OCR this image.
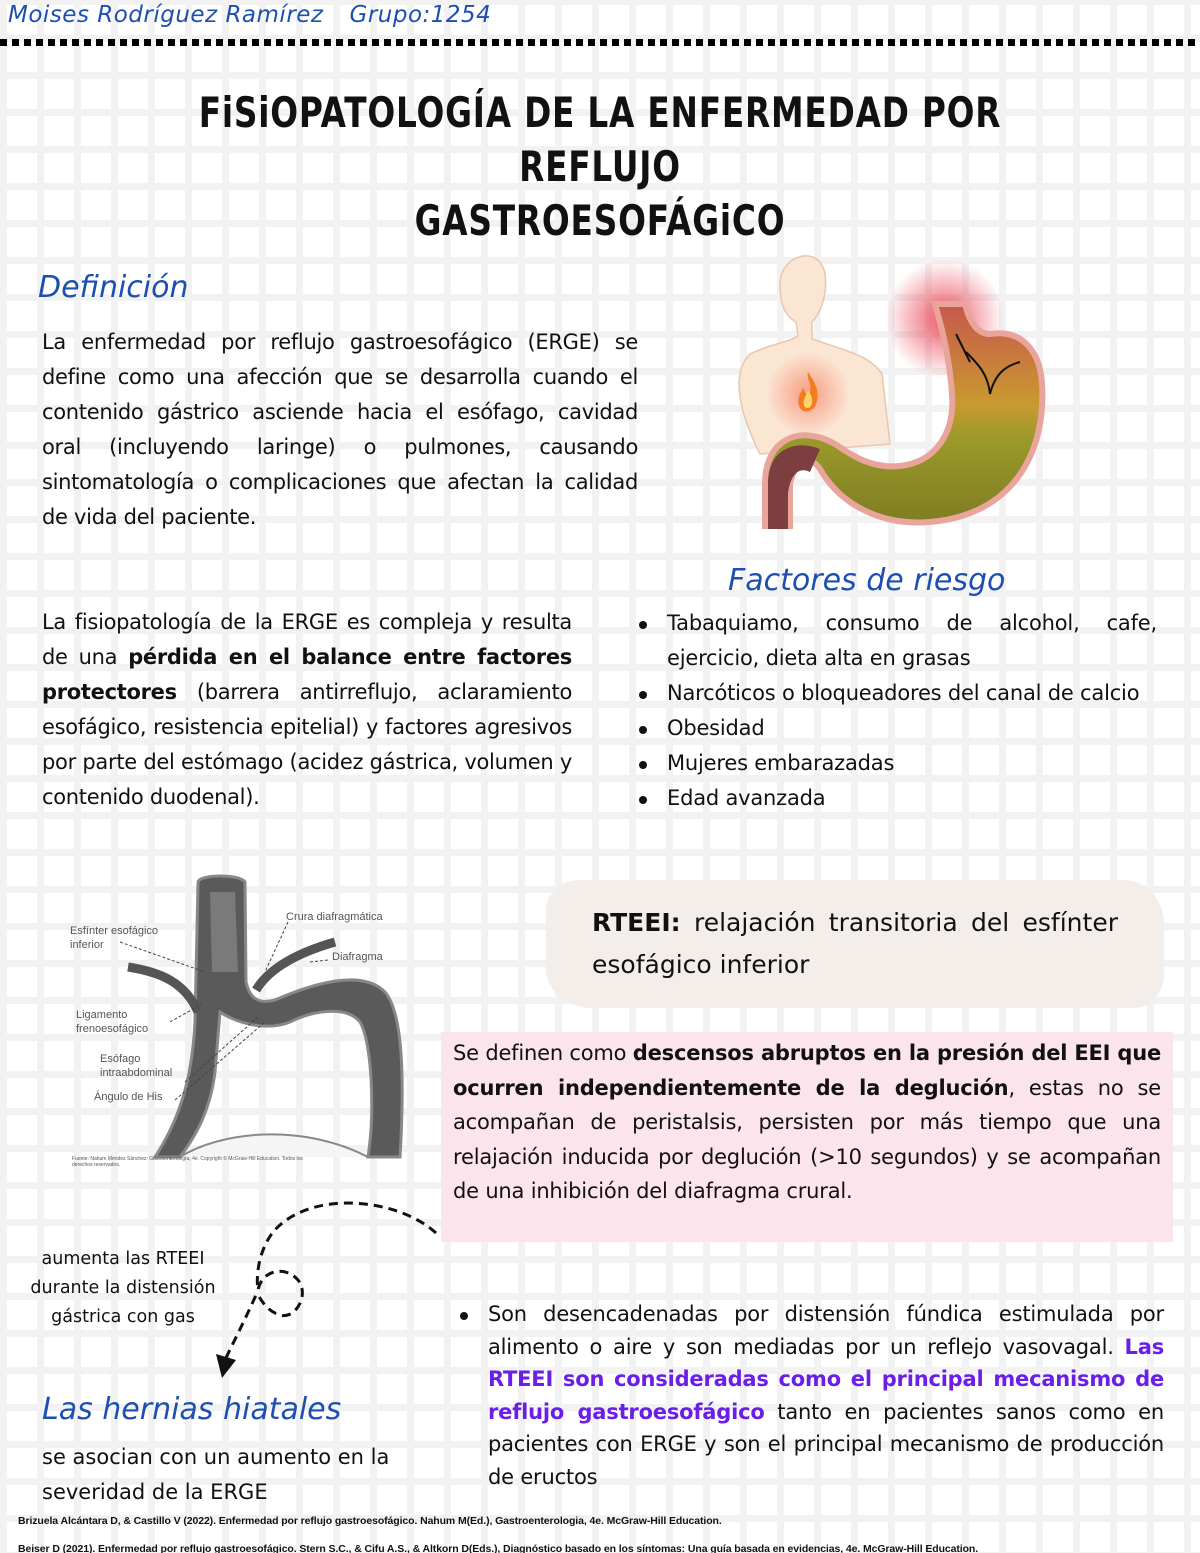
Moises Rodríguez Ramírez Grupo:1254
FiSiOPATOLOGÍA DE LA ENFERMEDAD POR REFLUJO
GASTROESOFÁGiCO
Definición

La enfermedad por reflujo gastroesofágico (ERGE) se define como una afección que se desarrolla cuando el contenido gástrico asciende hacia el esófago, cavidad oral (incluyendo laringe) o pulmones, causando sintomatología o complicaciones que afectan la calidad de vida del paciente.

La fisiopatología de la ERGE es compleja y resulta de una pérdida en el balance entre factores protectores (barrera antirreflujo, aclaramiento esofágico, resistencia epitelial) y factores agresivos por parte del estómago (acidez gástrica, volumen y contenido duodenal).

Factores de riesgo
Tabaquiamo, consumo de alcohol, cafe, ejercicio, dieta alta en grasas
Narcóticos o bloqueadores del canal de calcio
Obesidad
Mujeres embarazadas
Edad avanzada
Esfínter esofágico inferior
Crura diafragmática
Diafragma
Ligamento frenoesofágico
Esófago intraabdominal
Ángulo de His
Fuente: Nahum Méndez Sánchez: Gastroenterología, 4e. Copyright © McGraw-Hill Education. Todos los derechos reservados.

RTEEI: relajación transitoria del esfínter esofágico inferior

Se definen como descensos abruptos en la presión del EEI que ocurren independientemente de la deglución, estas no se acompañan de peristalsis, persisten por más tiempo que una relajación inducida por deglución (>10 segundos) y se acompañan de una inhibición del diafragma crural.

aumenta las RTEEI durante la distensión gástrica con gas
Las hernias hiatales

se asocian con un aumento en la severidad de la ERGE

Son desencadenadas por distensión fúndica estimulada por alimento o aire y son mediadas por un reflejo vasovagal. Las RTEEI son consideradas como el principal mecanismo de reflujo gastroesofágico tanto en pacientes sanos como en pacientes con ERGE y son el principal mecanismo de producción de eructos
Brizuela Alcántara D, & Castillo V (2022). Enfermedad por reflujo gastroesofágico. Nahum M(Ed.), Gastroenterologia, 4e. McGraw-Hill Education.
Beiser D (2021). Enfermedad por reflujo gastroesofágico. Stern S.C., & Cifu A.S., & Altkorn D(Eds.), Diagnóstico basado en los síntomas: Una guía basada en evidencias, 4e. McGraw-Hill Education.
